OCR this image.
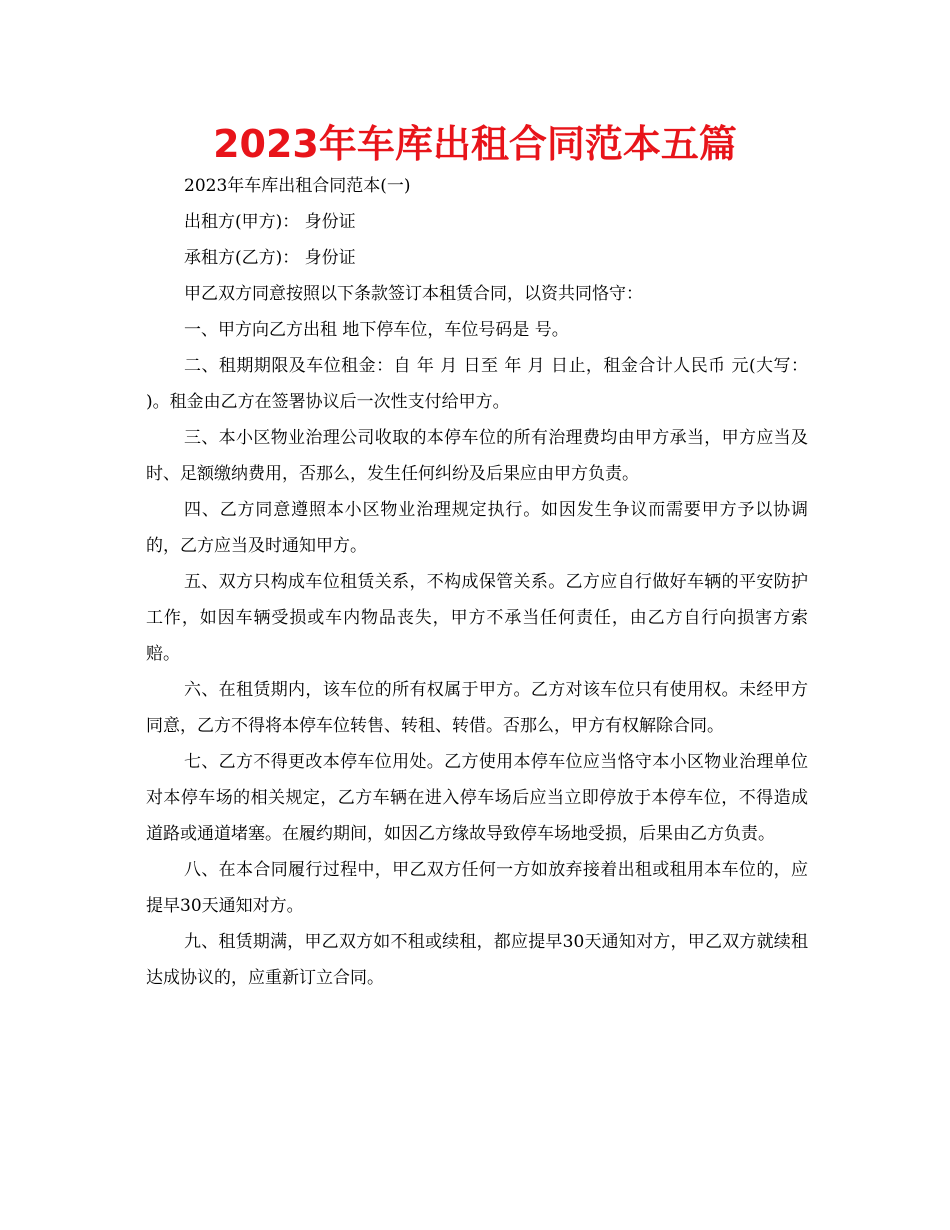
2023年车库出租合同范本五篇

2023年车库出租合同范本(一)

出租方(甲方)： 身份证

承租方(乙方)： 身份证

甲乙双方同意按照以下条款签订本租赁合同，以资共同恪守：

一、甲方向乙方出租 地下停车位，车位号码是 号。

二、租期期限及车位租金：自 年 月 日至 年 月 日止，租金合计人民币 元(大写： )。租金由乙方在签署协议后一次性支付给甲方。

三、本小区物业治理公司收取的本停车位的所有治理费均由甲方承当，甲方应当及时、足额缴纳费用，否那么，发生任何纠纷及后果应由甲方负责。

四、乙方同意遵照本小区物业治理规定执行。如因发生争议而需要甲方予以协调的，乙方应当及时通知甲方。

五、双方只构成车位租赁关系，不构成保管关系。乙方应自行做好车辆的平安防护工作，如因车辆受损或车内物品丧失，甲方不承当任何责任，由乙方自行向损害方索赔。

六、在租赁期内，该车位的所有权属于甲方。乙方对该车位只有使用权。未经甲方同意，乙方不得将本停车位转售、转租、转借。否那么，甲方有权解除合同。

七、乙方不得更改本停车位用处。乙方使用本停车位应当恪守本小区物业治理单位对本停车场的相关规定，乙方车辆在进入停车场后应当立即停放于本停车位，不得造成道路或通道堵塞。在履约期间，如因乙方缘故导致停车场地受损，后果由乙方负责。

八、在本合同履行过程中，甲乙双方任何一方如放弃接着出租或租用本车位的，应提早30天通知对方。

九、租赁期满，甲乙双方如不租或续租，都应提早30天通知对方，甲乙双方就续租达成协议的，应重新订立合同。
